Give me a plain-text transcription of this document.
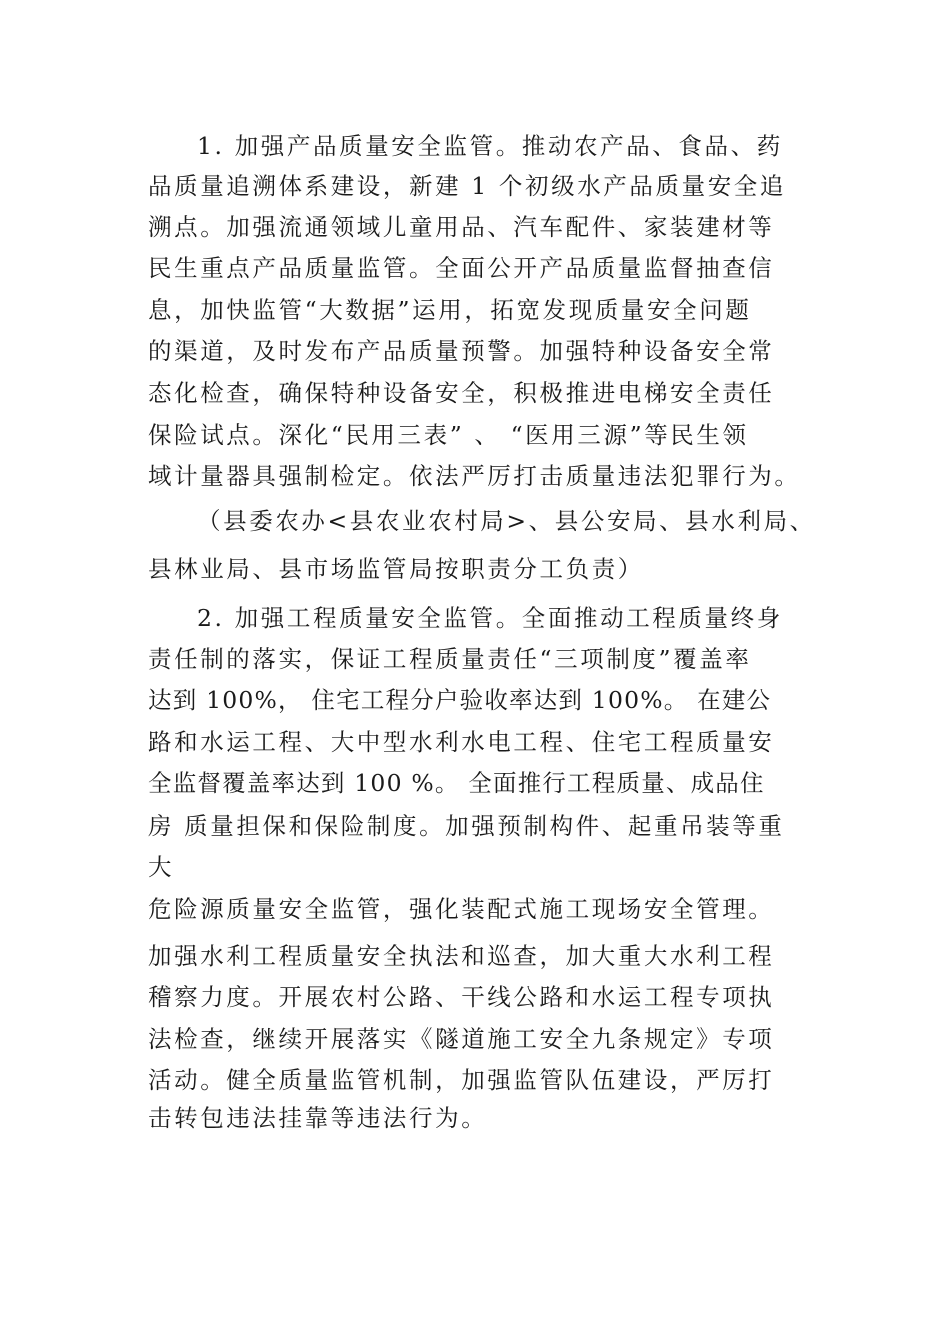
1. 加强产品质量安全监管。推动农产品、食品、药
品质量追溯体系建设，新建 1 个初级水产品质量安全追
溯点。加强流通领域儿童用品、汽车配件、家装建材等
民生重点产品质量监管。全面公开产品质量监督抽查信
息，加快监管“大数据”运用，拓宽发现质量安全问题
的渠道，及时发布产品质量预警。加强特种设备安全常
态化检查，确保特种设备安全，积极推进电梯安全责任
保险试点。深化“民用三表” 、 “医用三源”等民生领
域计量器具强制检定。依法严厉打击质量违法犯罪行为。
（县委农办<县农业农村局>、县公安局、县水利局、
县林业局、县市场监管局按职责分工负责）
2. 加强工程质量安全监管。全面推动工程质量终身
责任制的落实，保证工程质量责任“三项制度”覆盖率
达到 100%， 住宅工程分户验收率达到 100%。 在建公
路和水运工程、大中型水利水电工程、住宅工程质量安
全监督覆盖率达到 100 %。 全面推行工程质量、成品住
房 质量担保和保险制度。加强预制构件、起重吊装等重
大
危险源质量安全监管，强化装配式施工现场安全管理。
加强水利工程质量安全执法和巡查，加大重大水利工程
稽察力度。开展农村公路、干线公路和水运工程专项执
法检查，继续开展落实《隧道施工安全九条规定》专项
活动。健全质量监管机制，加强监管队伍建设，严厉打
击转包违法挂靠等违法行为。
